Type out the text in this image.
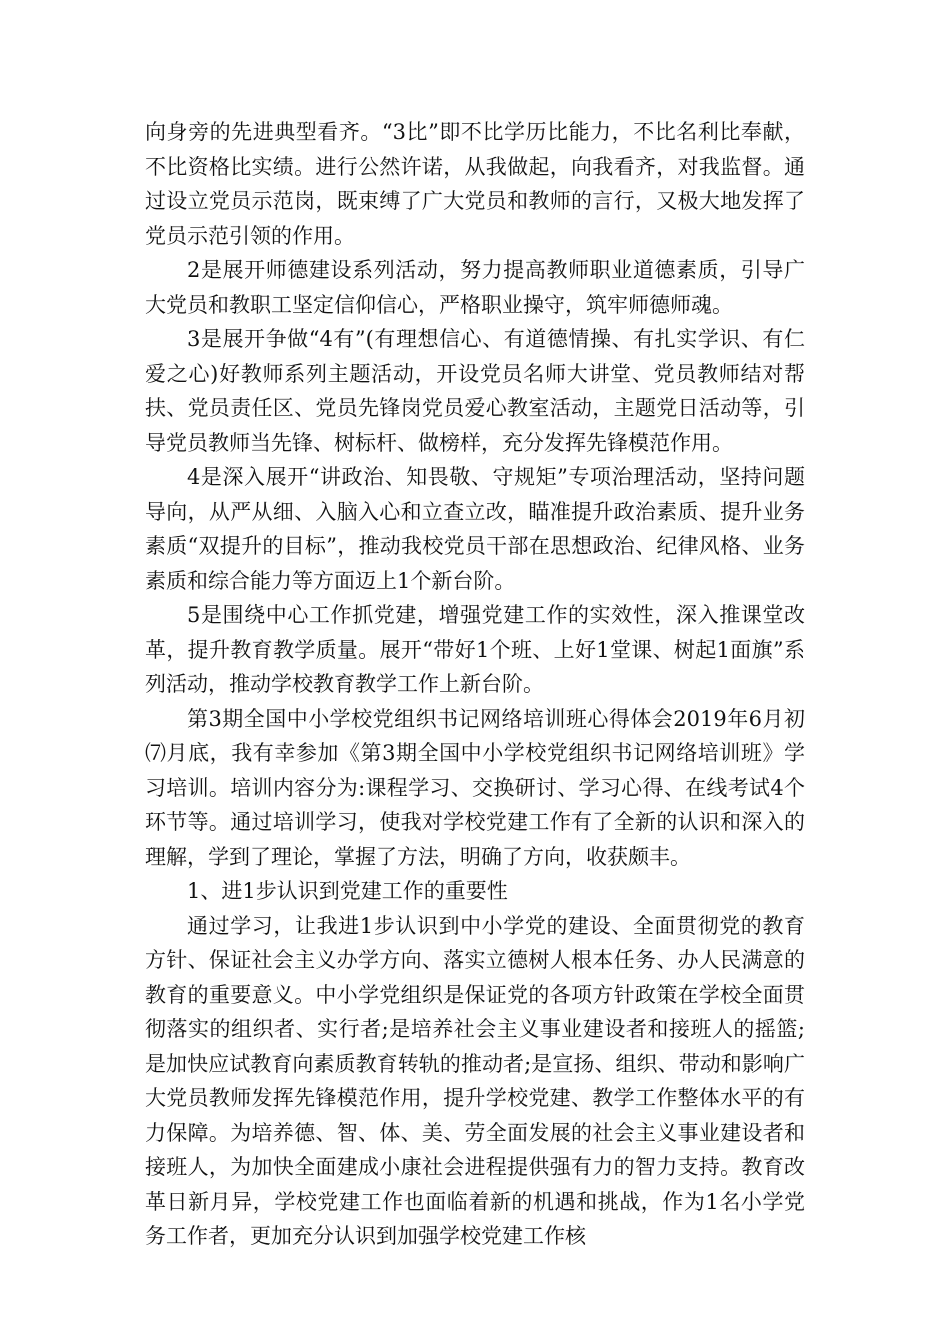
向身旁的先进典型看齐。“3比”即不比学历比能力，不比名利比奉献，不比资格比实绩。进行公然许诺，从我做起，向我看齐，对我监督。通过设立党员示范岗，既束缚了广大党员和教师的言行，又极大地发挥了党员示范引领的作用。

2是展开师德建设系列活动，努力提高教师职业道德素质，引导广大党员和教职工坚定信仰信心，严格职业操守，筑牢师德师魂。

3是展开争做“4有”(有理想信心、有道德情操、有扎实学识、有仁爱之心)好教师系列主题活动，开设党员名师大讲堂、党员教师结对帮扶、党员责任区、党员先锋岗党员爱心教室活动，主题党日活动等，引导党员教师当先锋、树标杆、做榜样，充分发挥先锋模范作用。

4是深入展开“讲政治、知畏敬、守规矩”专项治理活动，坚持问题导向，从严从细、入脑入心和立查立改，瞄准提升政治素质、提升业务素质“双提升的目标”，推动我校党员干部在思想政治、纪律风格、业务素质和综合能力等方面迈上1个新台阶。

5是围绕中心工作抓党建，增强党建工作的实效性，深入推课堂改革，提升教育教学质量。展开“带好1个班、上好1堂课、树起1面旗”系列活动，推动学校教育教学工作上新台阶。

第3期全国中小学校党组织书记网络培训班心得体会2019年6月初⑺月底，我有幸参加《第3期全国中小学校党组织书记网络培训班》学习培训。培训内容分为:课程学习、交换研讨、学习心得、在线考试4个环节等。通过培训学习，使我对学校党建工作有了全新的认识和深入的理解，学到了理论，掌握了方法，明确了方向，收获颇丰。

1、进1步认识到党建工作的重要性

通过学习，让我进1步认识到中小学党的建设、全面贯彻党的教育方针、保证社会主义办学方向、落实立德树人根本任务、办人民满意的教育的重要意义。中小学党组织是保证党的各项方针政策在学校全面贯彻落实的组织者、实行者;是培养社会主义事业建设者和接班人的摇篮;是加快应试教育向素质教育转轨的推动者;是宣扬、组织、带动和影响广大党员教师发挥先锋模范作用，提升学校党建、教学工作整体水平的有力保障。为培养德、智、体、美、劳全面发展的社会主义事业建设者和接班人，为加快全面建成小康社会进程提供强有力的智力支持。教育改革日新月异，学校党建工作也面临着新的机遇和挑战，作为1名小学党务工作者，更加充分认识到加强学校党建工作核
